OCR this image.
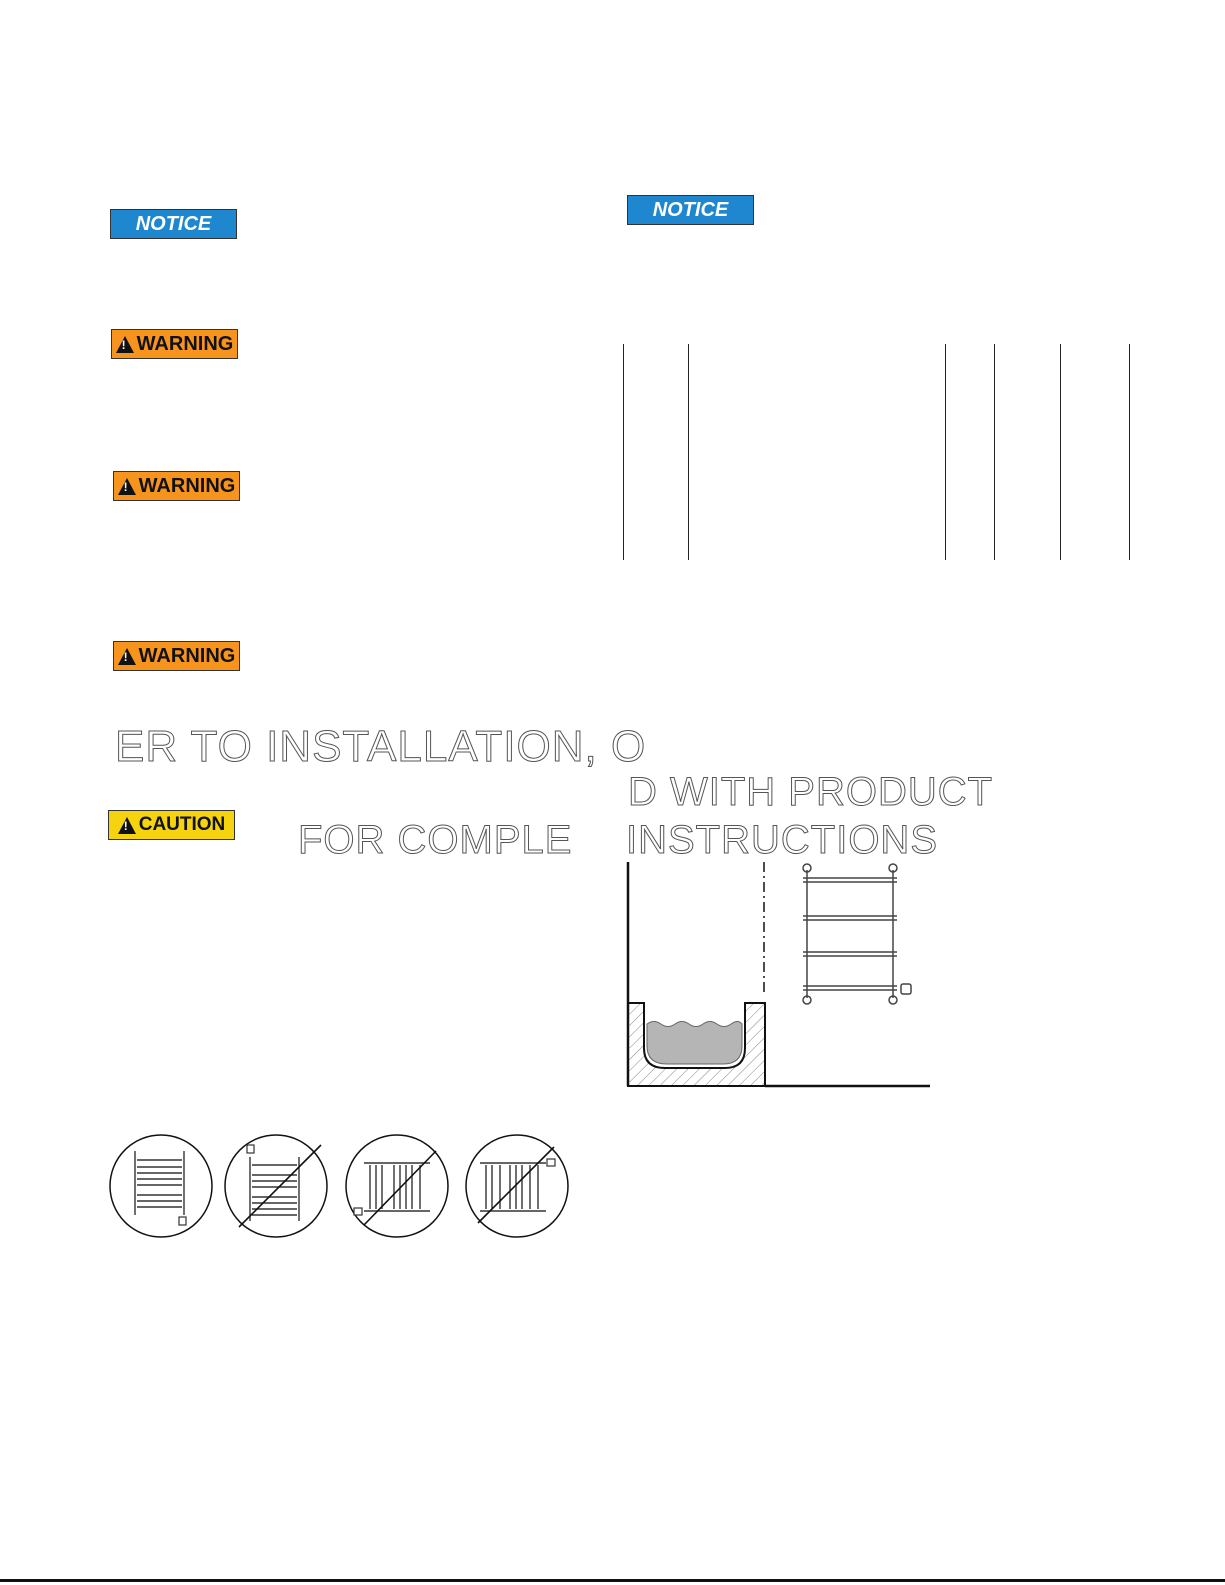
NOTICE
!
WARNING
!
WARNING
!
WARNING
!
CAUTION
NOTICE
ER TO INSTALLATION, O
D WITH PRODUCT
FOR COMPLE INSTRUCTIONS
